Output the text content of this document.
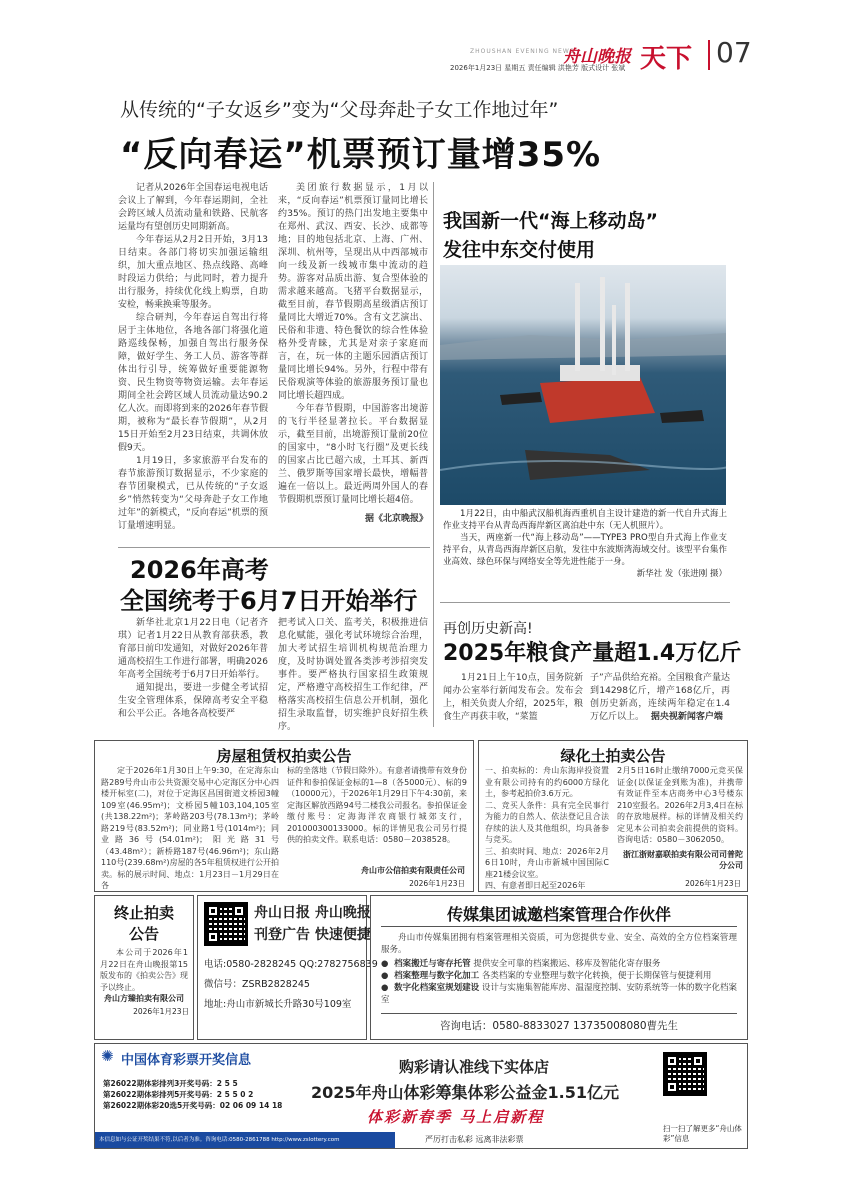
ZHOUSHAN EVENING NEWS
舟山晚报 天下 07
2026年1月23日 星期五 责任编辑 洪艳芳 版式设计 张斌
从传统的“子女返乡”变为“父母奔赴子女工作地过年”
“反向春运”机票预订量增35%

记者从2026年全国春运电视电话会议上了解到，今年春运期间，全社会跨区域人员流动量和铁路、民航客运量均有望创历史同期新高。

今年春运从2月2日开始，3月13日结束。各部门将切实加强运输组织，加大重点地区、热点线路、高峰时段运力供给；与此同时，着力提升出行服务，持续优化线上购票，自助安检，畅乘换乘等服务。

综合研判，今年春运自驾出行将居于主体地位，各地各部门将强化道路巡线保畅，加强自驾出行服务保障，做好学生、务工人员、游客等群体出行引导，统筹做好重要能源物资、民生物资等物资运输。去年春运期间全社会跨区域人员流动量达90.2亿人次。而即将到来的2026年春节假期，被称为“最长春节假期”，从2月15日开始至2月23日结束，共调休放假9天。

1月19日，多家旅游平台发布的春节旅游预订数据显示，不少家庭的春节团聚模式，已从传统的“子女返乡”悄然转变为“父母奔赴子女工作地过年”的新模式，“反向春运”机票的预订量增速明显。

美团旅行数据显示，1月以来，“反向春运”机票预订量同比增长约35%。预订的热门出发地主要集中在郑州、武汉、西安、长沙、成都等地；目的地包括北京、上海、广州、深圳、杭州等，呈现出从中西部城市向一线及新一线城市集中流动的趋势。游客对品质出游、复合型体验的需求越来越高。飞猪平台数据显示，截至目前，春节假期高星级酒店预订量同比大增近70%。含有文艺演出、民俗和非遗、特色餐饮的综合性体验格外受青睐，尤其是对亲子家庭而言，在，玩一体的主题乐园酒店预订量同比增长94%。另外，行程中带有民俗观演等体验的旅游服务预订量也同比增长超四成。

今年春节假期，中国游客出境游的飞行半径显著拉长。平台数据显示，截至目前，出境游预订量前20位的国家中，“8小时飞行圈”及更长线的国家占比已超六成，土耳其、新西兰、俄罗斯等国家增长最快，增幅普遍在一倍以上。最近两周外国人的春节假期机票预订量同比增长超4倍。

据《北京晚报》
我国新一代“海上移动岛”
发往中东交付使用

1月22日，由中船武汉船机海西重机自主设计建造的新一代自升式海上作业支持平台从青岛西海岸新区离泊赴中东（无人机照片）。

当天，两座新一代“海上移动岛”——TYPE3 PRO型自升式海上作业支持平台，从青岛西海岸新区启航，发往中东波斯湾海域交付。该型平台集作业高效、绿色环保与网络安全等先进性能于一身。

新华社 发（张进刚 摄）
2026年高考
全国统考于6月7日开始举行

新华社北京1月22日电（记者齐琪）记者1月22日从教育部获悉，教育部日前印发通知，对做好2026年普通高校招生工作进行部署，明确2026年高考全国统考于6月7日开始举行。

通知提出，要进一步健全考试招生安全管理体系，保障高考安全平稳和公平公正。各地各高校要严

把考试入口关、监考关，积极推进信息化赋能，强化考试环境综合治理，加大考试招生培训机构规范治理力度，及时协调处置各类涉考涉招突发事件。要严格执行国家招生政策规定，严格遵守高校招生工作纪律，严格落实高校招生信息公开机制，强化招生录取监督，切实维护良好招生秩序。

再创历史新高!
2025年粮食产量超1.4万亿斤
1月21日上午10点，国务院新闻办公室举行新闻发布会。发布会上，相关负责人介绍，2025年，粮食生产再获丰收，“菜篮
子”产品供给充裕。全国粮食产量达到14298亿斤，增产168亿斤，再创历史新高，连续两年稳定在1.4万亿斤以上。 据央视新闻客户端
房屋租赁权拍卖公告
定于2026年1月30日上午9:30，在定海东山路289号舟山市公共资源交易中心定海区分中心四楼开标室(二)，对位于定海区昌国街道文桥园3幢109室(46.95m²)；文桥园5幢103,104,105室(共138.22m²)；茅岭路203号(78.13m²)；茅岭路219号(83.52m²)；同业路1号(1014m²)；同业路36号(54.01m²)；阳光路31号（43.48m²）；新桥路187号(46.96m²)；东山路110号(239.68m²)房屋的各5年租赁权进行公开拍卖。标的展示时间、地点：1月23日－1月29日在各
标的坐落地（节假日除外）。有意者请携带有效身份证件和参拍保证金标的1—8（各5000元）、标的9（10000元），于2026年1月29日下午4:30前，来定海区解放西路94号二楼我公司报名。参拍保证金缴付账号：定海海洋农商银行城郊支行，201000300133000。标的详情见我公司另行提供的拍卖文件。联系电话：0580－2038528。
舟山市公信拍卖有限责任公司
2026年1月23日
绿化土拍卖公告
一、拍卖标的：舟山东海岸投资置业有限公司持有的约6000方绿化土，参考起拍价3.6万元。
二、竞买人条件：具有完全民事行为能力的自然人、依法登记且合法存续的法人及其他组织，均具备参与竞买。
三、拍卖时间、地点：2026年2月6日10时，舟山市新城中国国际C座21楼会议室。
四、有意者即日起至2026年
2月5日16时止缴纳7000元竞买保证金(以保证金到账为准)，并携带有效证件至本店商务中心3号楼东210室报名。2026年2月3,4日在标的存放地展样。标的详情及相关约定见本公司拍卖会前提供的资料。咨询电话：0580－3062050。
浙江浙财嘉联拍卖有限公司司普陀分公司
2026年1月23日
终止拍卖
公告
本公司于2026年1月22日在舟山晚报第15版发布的《拍卖公告》现予以终止。
舟山方臻拍卖有限公司
2026年1月23日
舟山日报 舟山晚报
刊登广告 快速便捷
电话:0580-2828245 QQ:2782756839
微信号：ZSRB2828245
地址:舟山市新城长升路30号109室
传媒集团诚邀档案管理合作伙伴
舟山市传媒集团拥有档案管理相关资质，可为您提供专业、安全、高效的全方位档案管理服务。
● 档案搬迁与寄存托管 提供安全可靠的档案搬运、移库及智能化寄存服务
● 档案整理与数字化加工 各类档案的专业整理与数字化转换，便于长期保管与便捷利用
● 数字化档案室规划建设 设计与实施集智能库房、温湿度控制、安防系统等一体的数字化档案室
咨询电话：0580-8833027 13735008080曹先生
✺ 中国体育彩票开奖信息
第26022期体彩排列3开奖号码：2 5 5
第26022期体彩排列5开奖号码：2 5 5 0 2
第26022期体彩20选5开奖号码：02 06 09 14 18
本信息如与公证开奖结果不符,以后者为准。咨询电话:0580-2861788 http://www.zslottery.com
购彩请认准线下实体店
2025年舟山体彩筹集体彩公益金1.51亿元
体彩新春季 马上启新程
严厉打击私彩 远离非法彩票
扫一扫了解更多“舟山体彩”信息
